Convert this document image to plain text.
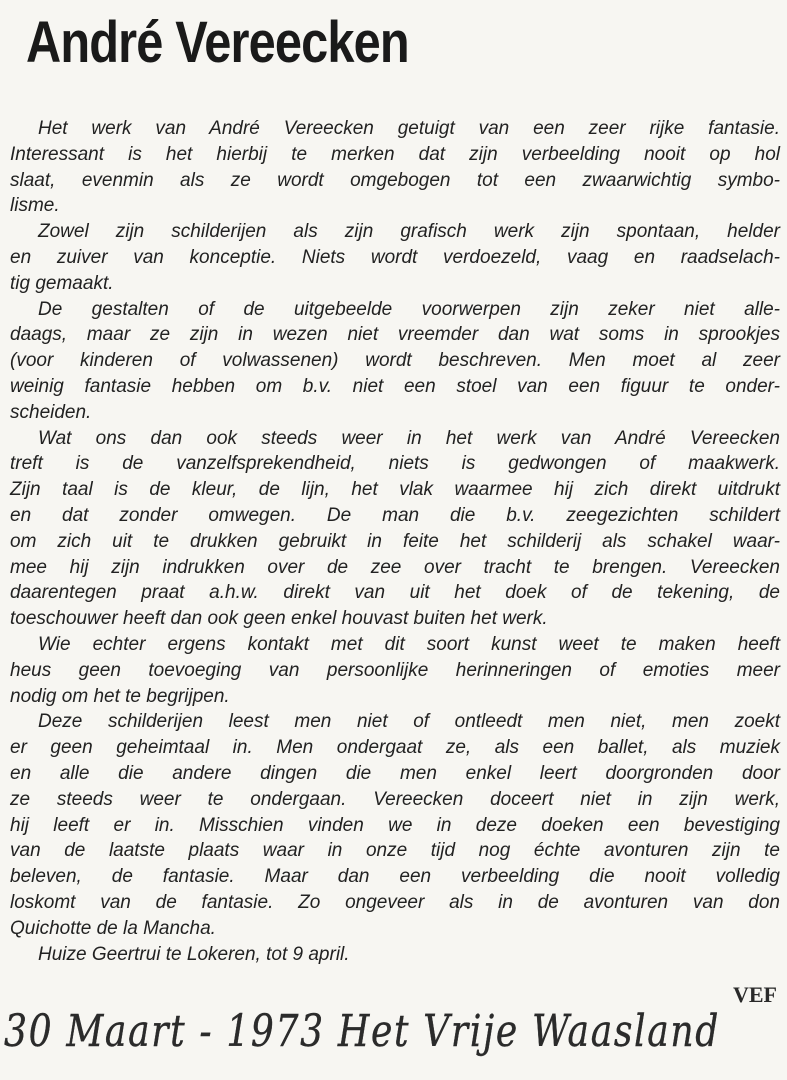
André Vereecken
Het werk van André Vereecken getuigt van een zeer rijke fantasie.
Interessant is het hierbij te merken dat zijn verbeelding nooit op hol
slaat, evenmin als ze wordt omgebogen tot een zwaarwichtig symbo-
lisme.
Zowel zijn schilderijen als zijn grafisch werk zijn spontaan, helder
en zuiver van konceptie. Niets wordt verdoezeld, vaag en raadselach-
tig gemaakt.
De gestalten of de uitgebeelde voorwerpen zijn zeker niet alle-
daags, maar ze zijn in wezen niet vreemder dan wat soms in sprookjes
(voor kinderen of volwassenen) wordt beschreven. Men moet al zeer
weinig fantasie hebben om b.v. niet een stoel van een figuur te onder-
scheiden.
Wat ons dan ook steeds weer in het werk van André Vereecken
treft is de vanzelfsprekendheid, niets is gedwongen of maakwerk.
Zijn taal is de kleur, de lijn, het vlak waarmee hij zich direkt uitdrukt
en dat zonder omwegen. De man die b.v. zeegezichten schildert
om zich uit te drukken gebruikt in feite het schilderij als schakel waar-
mee hij zijn indrukken over de zee over tracht te brengen. Vereecken
daarentegen praat a.h.w. direkt van uit het doek of de tekening, de
toeschouwer heeft dan ook geen enkel houvast buiten het werk.
Wie echter ergens kontakt met dit soort kunst weet te maken heeft
heus geen toevoeging van persoonlijke herinneringen of emoties meer
nodig om het te begrijpen.
Deze schilderijen leest men niet of ontleedt men niet, men zoekt
er geen geheimtaal in. Men ondergaat ze, als een ballet, als muziek
en alle die andere dingen die men enkel leert doorgronden door
ze steeds weer te ondergaan. Vereecken doceert niet in zijn werk,
hij leeft er in. Misschien vinden we in deze doeken een bevestiging
van de laatste plaats waar in onze tijd nog échte avonturen zijn te
beleven, de fantasie. Maar dan een verbeelding die nooit volledig
loskomt van de fantasie. Zo ongeveer als in de avonturen van don
Quichotte de la Mancha.
Huize Geertrui te Lokeren, tot 9 april.
VEF
30 Maart - 1973 Het Vrije Waasland
